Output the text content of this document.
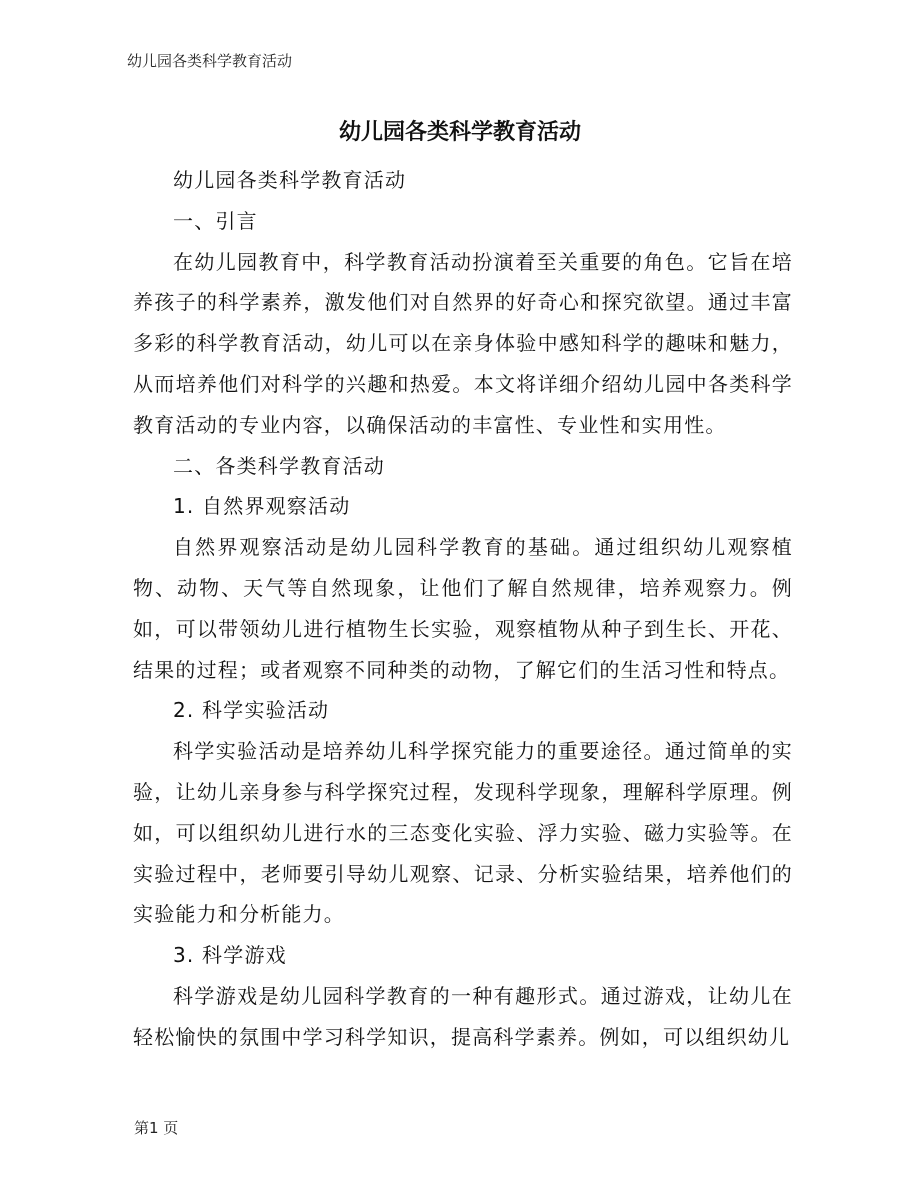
幼儿园各类科学教育活动
幼儿园各类科学教育活动

幼儿园各类科学教育活动

一、引言

在幼儿园教育中，科学教育活动扮演着至关重要的角色。它旨在培养孩子的科学素养，激发他们对自然界的好奇心和探究欲望。通过丰富多彩的科学教育活动，幼儿可以在亲身体验中感知科学的趣味和魅力，从而培养他们对科学的兴趣和热爱。本文将详细介绍幼儿园中各类科学教育活动的专业内容，以确保活动的丰富性、专业性和实用性。

二、各类科学教育活动

1. 自然界观察活动

自然界观察活动是幼儿园科学教育的基础。通过组织幼儿观察植物、动物、天气等自然现象，让他们了解自然规律，培养观察力。例如，可以带领幼儿进行植物生长实验，观察植物从种子到生长、开花、结果的过程；或者观察不同种类的动物，了解它们的生活习性和特点。

2. 科学实验活动

科学实验活动是培养幼儿科学探究能力的重要途径。通过简单的实验，让幼儿亲身参与科学探究过程，发现科学现象，理解科学原理。例如，可以组织幼儿进行水的三态变化实验、浮力实验、磁力实验等。在实验过程中，老师要引导幼儿观察、记录、分析实验结果，培养他们的实验能力和分析能力。

3. 科学游戏

科学游戏是幼儿园科学教育的一种有趣形式。通过游戏，让幼儿在轻松愉快的氛围中学习科学知识，提高科学素养。例如，可以组织幼儿

第1 页
